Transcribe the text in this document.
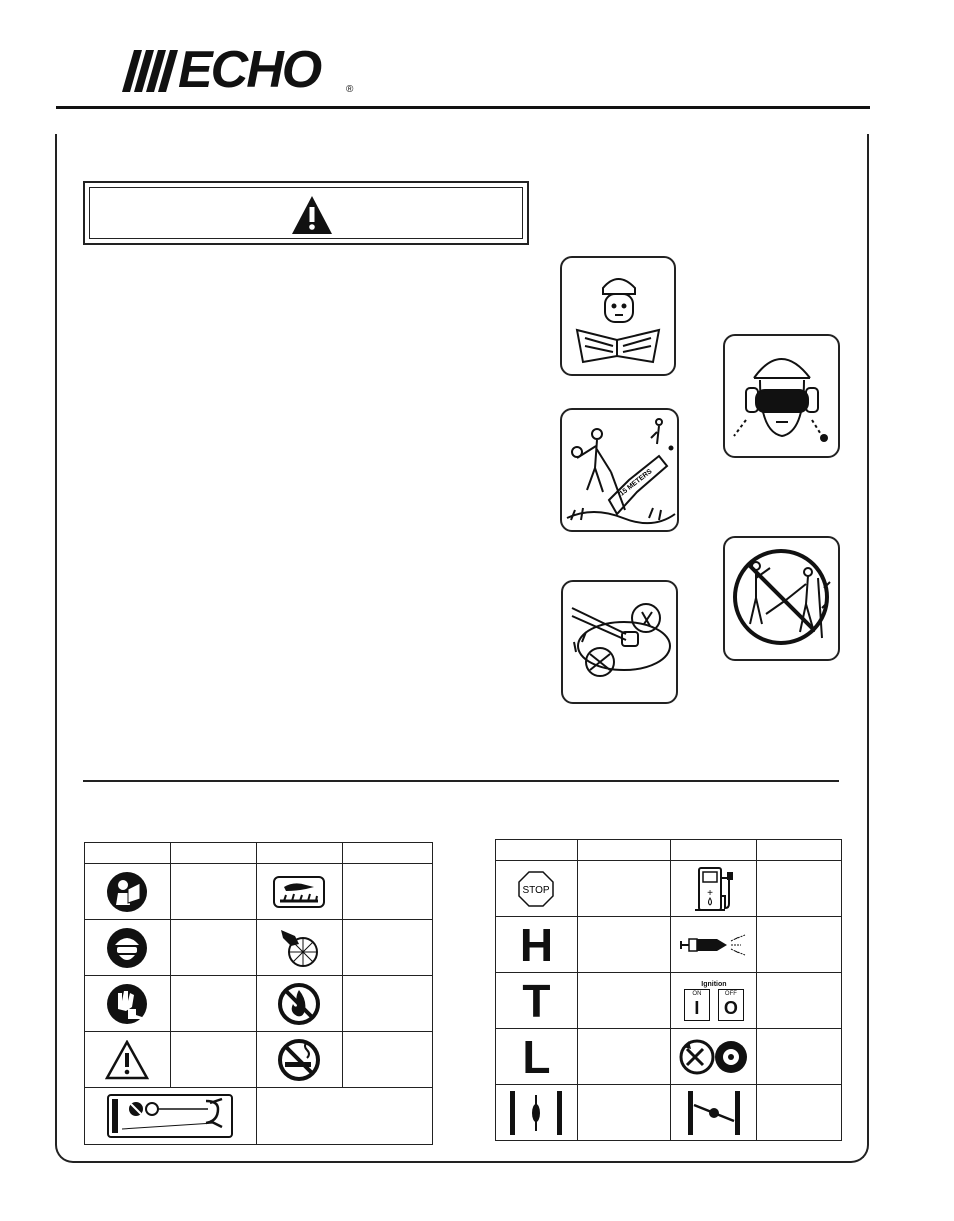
ECHO	®
15 METERS

STOP		+	

H		

T		Ignition
ON
I
OFF
O	

L		
